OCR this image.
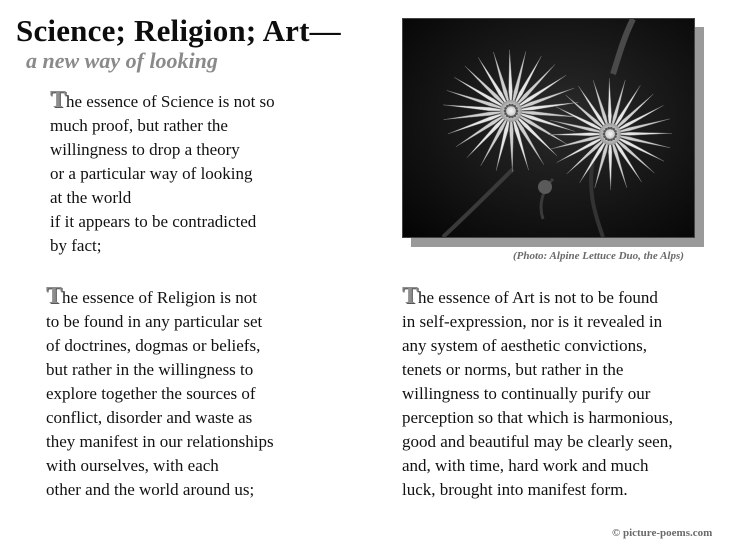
Science; Religion; Art—
a new way of looking
The essence of Science is not so
much proof, but rather the
willingness to drop a theory
or a particular way of looking
at the world
if it appears to be contradicted
by fact;
(Photo: Alpine Lettuce Duo, the Alps)
The essence of Religion is not
to be found in any particular set
of doctrines, dogmas or beliefs,
but rather in the willingness to
explore together the sources of
conflict, disorder and waste as
they manifest in our relationships
with ourselves, with each
other and the world around us;
The essence of Art is not to be found
in self-expression, nor is it revealed in
any system of aesthetic convictions,
tenets or norms, but rather in the
willingness to continually purify our
perception so that which is harmonious,
good and beautiful may be clearly seen,
and, with time, hard work and much
luck, brought into manifest form.
© picture-poems.com
